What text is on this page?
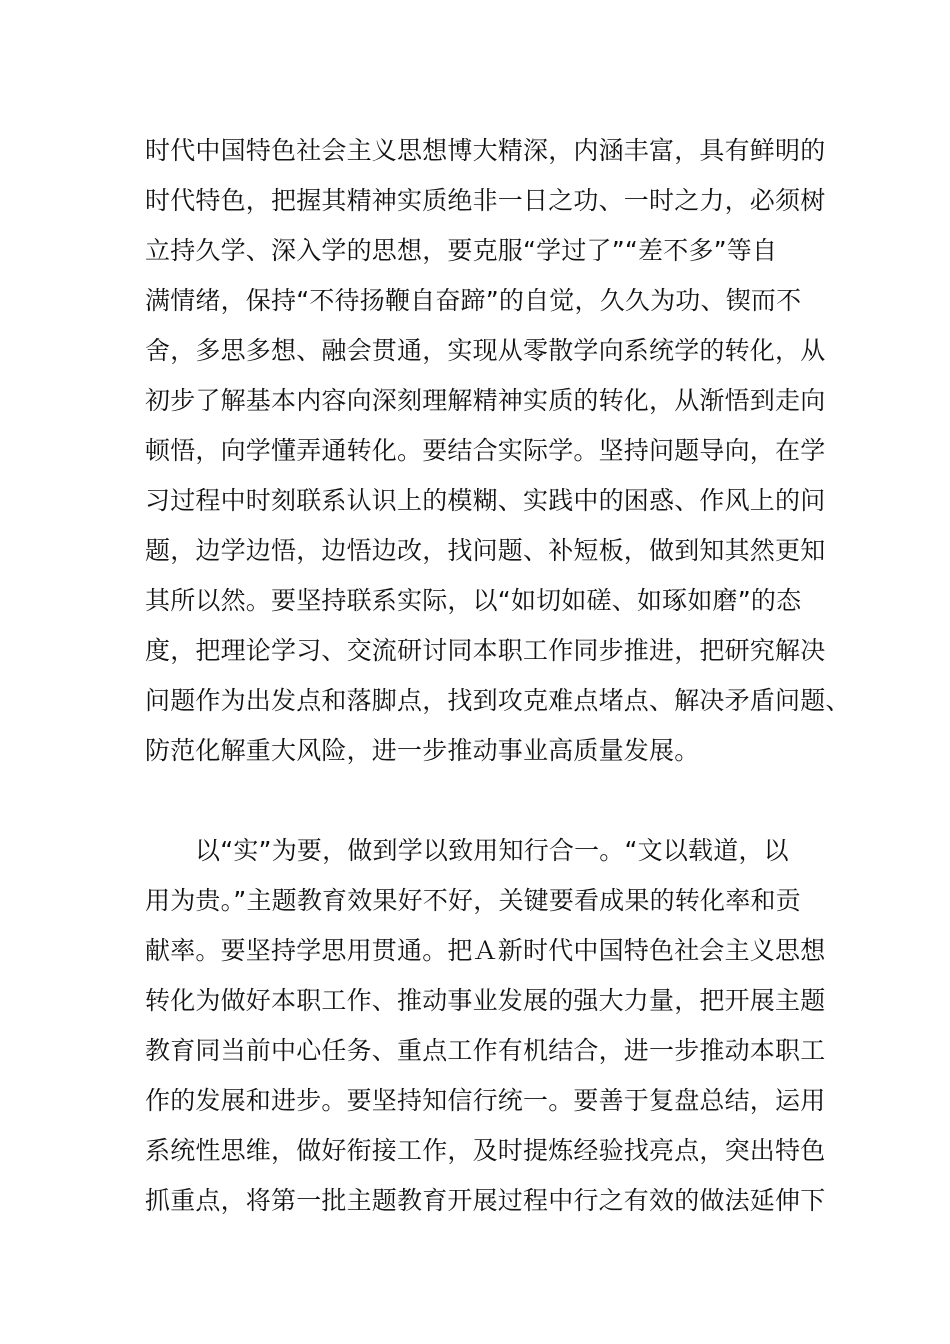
时代中国特色社会主义思想博大精深，内涵丰富，具有鲜明的
时代特色，把握其精神实质绝非一日之功、一时之力，必须树
立持久学、深入学的思想，要克服“学过了”“差不多”等自
满情绪，保持“不待扬鞭自奋蹄”的自觉，久久为功、锲而不
舍，多思多想、融会贯通，实现从零散学向系统学的转化，从
初步了解基本内容向深刻理解精神实质的转化，从渐悟到走向
顿悟，向学懂弄通转化。要结合实际学。坚持问题导向，在学
习过程中时刻联系认识上的模糊、实践中的困惑、作风上的问
题，边学边悟，边悟边改，找问题、补短板，做到知其然更知
其所以然。要坚持联系实际，以“如切如磋、如琢如磨”的态
度，把理论学习、交流研讨同本职工作同步推进，把研究解决
问题作为出发点和落脚点，找到攻克难点堵点、解决矛盾问题、
防范化解重大风险，进一步推动事业高质量发展。
以“实”为要，做到学以致用知行合一。“文以载道，以
用为贵。”主题教育效果好不好，关键要看成果的转化率和贡
献率。要坚持学思用贯通。把Ａ新时代中国特色社会主义思想
转化为做好本职工作、推动事业发展的强大力量，把开展主题
教育同当前中心任务、重点工作有机结合，进一步推动本职工
作的发展和进步。要坚持知信行统一。要善于复盘总结，运用
系统性思维，做好衔接工作，及时提炼经验找亮点，突出特色
抓重点，将第一批主题教育开展过程中行之有效的做法延伸下
